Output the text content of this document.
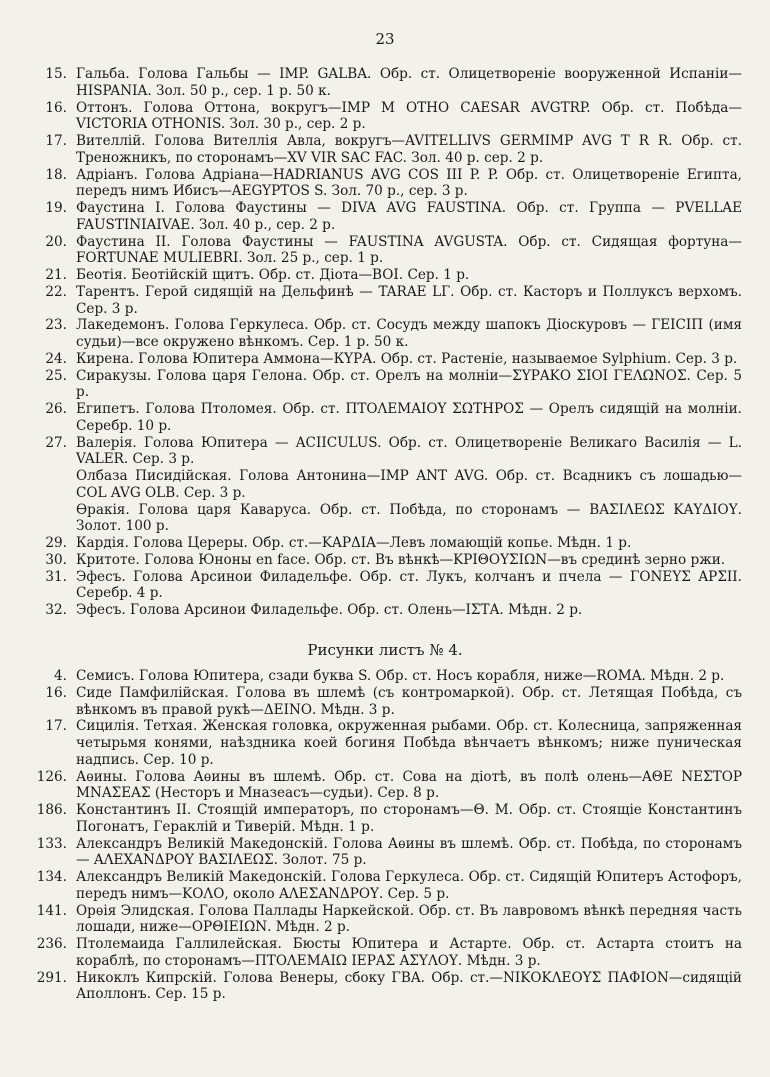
23
15. Гальба. Голова Гальбы — IMP. GALBA. Обр. ст. Олицетвореніе вооруженной Испаніи— HISPANIA. Зол. 50 р., сер. 1 р. 50 к.
16. Оттонъ. Голова Оттона, вокругъ—IMP M OTHO CAESAR AVGTRP. Обр. ст. Побѣда— VICTORIA OTHONIS. Зол. 30 р., сер. 2 р.
17. Вителлій. Голова Вителлія Авла, вокругъ—AVITELLIVS GERMIMP AVG T R R. Обр. ст. Треножникъ, по сторонамъ—XV VIR SAC FAC. Зол. 40 р. сер. 2 р.
18. Адріанъ. Голова Адріана—HADRIANUS AVG COS III P. P. Обр. ст. Олицетвореніе Египта, передъ нимъ Ибисъ—AEGYPTOS S. Зол. 70 р., сер. 3 р.
19. Фаустина I. Голова Фаустины — DIVA AVG FAUSTINA. Обр. ст. Группа — PVELLAE FAUSTINIAIVAE. Зол. 40 р., сер. 2 р.
20. Фаустина II. Голова Фаустины — FAUSTINA AVGUSTA. Обр. ст. Сидящая фортуна— FORTUNAE MULIEBRI. Зол. 25 р., сер. 1 р.
21. Беотія. Беотійскій щитъ. Обр. ст. Діота—BOI. Сер. 1 р.
22. Тарентъ. Герой сидящій на Дельфинѣ — TARAE LГ. Обр. ст. Касторъ и Поллуксъ верхомъ. Сер. 3 р.
23. Лакедемонъ. Голова Геркулеса. Обр. ст. Сосудъ между шапокъ Діоскуровъ — ГЕІСІП (имя судьи)—все окружено вѣнкомъ. Сер. 1 р. 50 к.
24. Кирена. Голова Юпитера Аммона—КΥΡΑ. Обр. ст. Растеніе, называемое Sylphium. Сер. 3 р.
25. Сиракузы. Голова царя Гелона. Обр. ст. Орелъ на молніи—ΣΥΡΑΚΟ ΣΙΟΙ ΓΕΛΩΝΟΣ. Сер. 5 р.
26. Египетъ. Голова Птоломея. Обр. ст. ΠΤΟΛΕΜΑΙΟΥ ΣΩΤΗΡΟΣ — Орелъ сидящій на молніи. Серебр. 10 р.
27. Валерія. Голова Юпитера — ACIICULUS. Обр. ст. Олицетвореніе Великаго Василія — L. VALER. Сер. 3 р.
Олбаза Писидійская. Голова Антонина—IMP ANT AVG. Обр. ст. Всадникъ съ лошадью— COL AVG OLB. Сер. 3 р.
Ѳракія. Голова царя Каваруса. Обр. ст. Побѣда, по сторонамъ — ΒΑΣΙΛΕΩΣ ΚΑΥΔΙΟΥ. Золот. 100 р.
29. Кардія. Голова Цереры. Обр. ст.—ΚΑΡΔΙΑ—Левъ ломающій копье. Мѣдн. 1 р.
30. Критоте. Голова Юноны en face. Обр. ст. Въ вѣнкѣ—ΚΡΙΘΟΥΣΙΩΝ—въ срединѣ зерно ржи.
31. Эфесъ. Голова Арсинои Филадельфе. Обр. ст. Лукъ, колчанъ и пчела — ΓΟΝΕΥΣ ΑΡΣΙΙ. Серебр. 4 р.
32. Эфесъ. Голова Арсинои Филадельфе. Обр. ст. Олень—ΙΣΤΑ. Мѣдн. 2 р.
Рисунки листъ № 4.
4. Семисъ. Голова Юпитера, сзади буква S. Обр. ст. Носъ корабля, ниже—ROMA. Мѣдн. 2 р.
16. Сиде Памфилійская. Голова въ шлемѣ (съ контромаркой). Обр. ст. Летящая Побѣда, съ вѣнкомъ въ правой рукѣ—ΔΕΙΝΟ. Мѣдн. 3 р.
17. Сицилія. Тетхая. Женская головка, окруженная рыбами. Обр. ст. Колесница, запряженная четырьмя конями, наѣздника коей богиня Побѣда вѣнчаетъ вѣнкомъ; ниже пуническая надпись. Сер. 10 р.
126. Аѳины. Голова Аѳины въ шлемѣ. Обр. ст. Сова на діотѣ, въ полѣ олень—ΑΘΕ ΝΕΣΤΟΡ ΜΝΑΣΕΑΣ (Несторъ и Мназеасъ—судьи). Сер. 8 р.
186. Константинъ II. Стоящій императоръ, по сторонамъ—Θ. Μ. Обр. ст. Стоящіе Константинъ Погонатъ, Гераклій и Тиверій. Мѣдн. 1 р.
133. Александръ Великій Македонскій. Голова Аѳины въ шлемѣ. Обр. ст. Побѣда, по сторонамъ— ΑΛΕΧΑΝΔΡΟΥ ΒΑΣΙΛΕΩΣ. Золот. 75 р.
134. Александръ Великій Македонскій. Голова Геркулеса. Обр. ст. Сидящій Юпитеръ Астофоръ, передъ нимъ—ΚΟΛΟ, около ΑΛΕΣΑΝΔΡΟΥ. Сер. 5 р.
141. Орѳія Элидская. Голова Паллады Наркейской. Обр. ст. Въ лавровомъ вѣнкѣ передняя часть лошади, ниже—ΟΡΘΙΕΙΩΝ. Мѣдн. 2 р.
236. Птолемаида Галлилейская. Бюсты Юпитера и Астарте. Обр. ст. Астарта стоитъ на кораблѣ, по сторонамъ—ΠΤΟΛΕΜΑΙΩ ΙΕΡΑΣ ΑΣΥΛΟΥ. Мѣдн. 3 р.
291. Никоклъ Кипрскій. Голова Венеры, сбоку ΓΒΑ. Обр. ст.—ΝΙΚΟΚΛΕΟΥΣ ΠΑΦΙΟΝ—сидящій Аполлонъ. Сер. 15 р.
